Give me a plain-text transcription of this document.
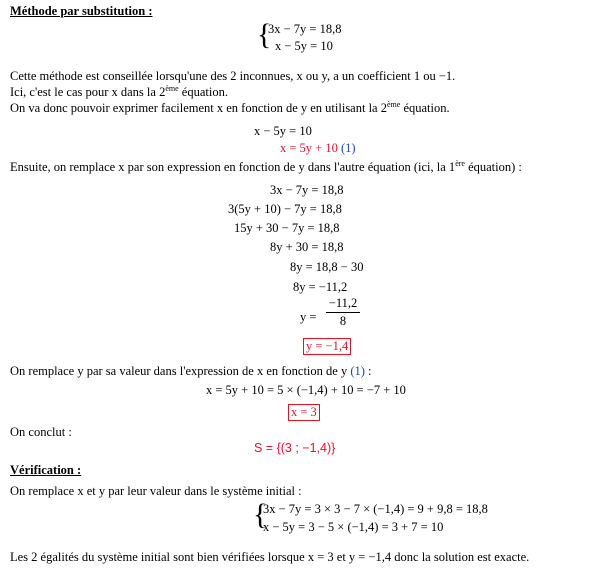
Méthode par substitution :
{
3x − 7y = 18,8
x − 5y = 10
Cette méthode est conseillée lorsqu'une des 2 inconnues, x ou y, a un coefficient 1 ou −1.
Ici, c'est le cas pour x dans la 2ème équation.
On va donc pouvoir exprimer facilement x en fonction de y en utilisant la 2ème équation.
x − 5y = 10
x = 5y + 10 (1)
Ensuite, on remplace x par son expression en fonction de y dans l'autre équation (ici, la 1ère équation) :
3x − 7y = 18,8
3(5y + 10) − 7y = 18,8
15y + 30 − 7y = 18,8
8y + 30 = 18,8
8y = 18,8 − 30
8y = −11,2
y =
−11,2
8
y = −1,4
On remplace y par sa valeur dans l'expression de x en fonction de y (1) :
x = 5y + 10 = 5 × (−1,4) + 10 = −7 + 10
x = 3
On conclut :
S = {(3 ; −1,4)}
Vérification :
On remplace x et y par leur valeur dans le système initial :
{
3x − 7y = 3 × 3 − 7 × (−1,4) = 9 + 9,8 = 18,8
x − 5y = 3 − 5 × (−1,4) = 3 + 7 = 10
Les 2 égalités du système initial sont bien vérifiées lorsque x = 3 et y = −1,4 donc la solution est exacte.
